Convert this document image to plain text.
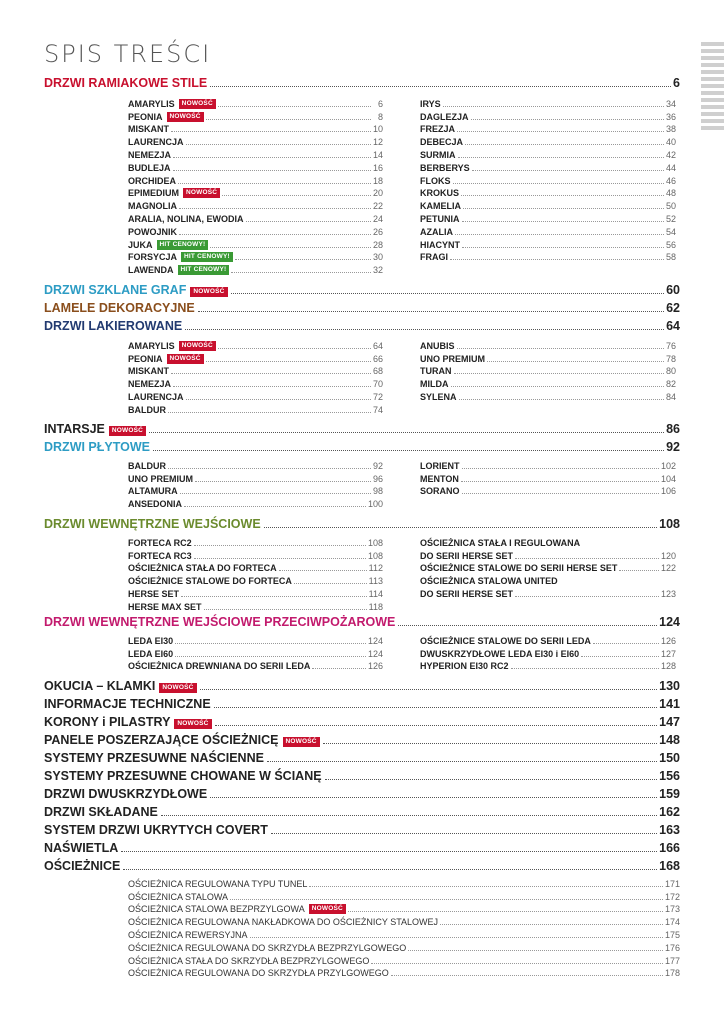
SPIS TREŚCI
DRZWI RAMIAKOWE STILE	6
AMARYLIS	NOWOŚĆ	6
PEONIA	NOWOŚĆ	8
MISKANT	10
LAURENCJA	12
NEMEZJA	14
BUDLEJA	16
ORCHIDEA	18
EPIMEDIUM	NOWOŚĆ	20
MAGNOLIA	22
ARALIA, NOLINA, EWODIA	24
POWOJNIK	26
JUKA	HIT CENOWY!	28
FORSYCJA	HIT CENOWY!	30
LAWENDA	HIT CENOWY!	32
IRYS	34
DAGLEZJA	36
FREZJA	38
DEBECJA	40
SURMIA	42
BERBERYS	44
FLOKS	46
KROKUS	48
KAMELIA	50
PETUNIA	52
AZALIA	54
HIACYNT	56
FRAGI	58
DRZWI SZKLANE GRAF	NOWOŚĆ	60
LAMELE DEKORACYJNE	62
DRZWI LAKIEROWANE	64
AMARYLIS	NOWOŚĆ	64
PEONIA	NOWOŚĆ	66
MISKANT	68
NEMEZJA	70
LAURENCJA	72
BALDUR	74
ANUBIS	76
UNO PREMIUM	78
TURAN	80
MILDA	82
SYLENA	84
INTARSJE	NOWOŚĆ	86
DRZWI PŁYTOWE	92
BALDUR	92
UNO PREMIUM	96
ALTAMURA	98
ANSEDONIA	100
LORIENT	102
MENTON	104
SORANO	106
DRZWI WEWNĘTRZNE WEJŚCIOWE	108
FORTECA RC2	108
FORTECA RC3	108
OŚCIEŻNICA STAŁA DO FORTECA	112
OŚCIEŻNICE STALOWE DO FORTECA	113
HERSE SET	114
HERSE MAX SET	118
OŚCIEŻNICA STAŁA I REGULOWANA
DO SERII HERSE SET	120
OŚCIEŻNICE STALOWE DO SERII HERSE SET	122
OŚCIEŻNICA STALOWA UNITED
DO SERII HERSE SET	123
DRZWI WEWNĘTRZNE WEJŚCIOWE PRZECIWPOŻAROWE	124
LEDA EI30	124
LEDA EI60	124
OŚCIEŻNICA DREWNIANA DO SERII LEDA	126
OŚCIEŻNICE STALOWE DO SERII LEDA	126
DWUSKRZYDŁOWE LEDA EI30 i EI60	127
HYPERION EI30 RC2	128
OKUCIA – KLAMKI	NOWOŚĆ	130
INFORMACJE TECHNICZNE	141
KORONY i PILASTRY	NOWOŚĆ	147
PANELE POSZERZAJĄCE OŚCIEŻNICĘ	NOWOŚĆ	148
SYSTEMY PRZESUWNE NAŚCIENNE	150
SYSTEMY PRZESUWNE CHOWANE W ŚCIANĘ	156
DRZWI DWUSKRZYDŁOWE	159
DRZWI SKŁADANE	162
SYSTEM DRZWI UKRYTYCH COVERT	163
NAŚWIETLA	166
OŚCIEŻNICE	168
OŚCIEŻNICA REGULOWANA TYPU TUNEL	171
OŚCIEŻNICA STALOWA	172
OŚCIEŻNICA STALOWA BEZPRZYLGOWA	NOWOŚĆ	173
OŚCIEŻNICA REGULOWANA NAKŁADKOWA DO OŚCIEŻNICY STALOWEJ	174
OŚCIEŻNICA REWERSYJNA	175
OŚCIEŻNICA REGULOWANA DO SKRZYDŁA BEZPRZYLGOWEGO	176
OŚCIEŻNICA STAŁA DO SKRZYDŁA BEZPRZYLGOWEGO	177
OŚCIEŻNICA REGULOWANA DO SKRZYDŁA PRZYLGOWEGO	178
